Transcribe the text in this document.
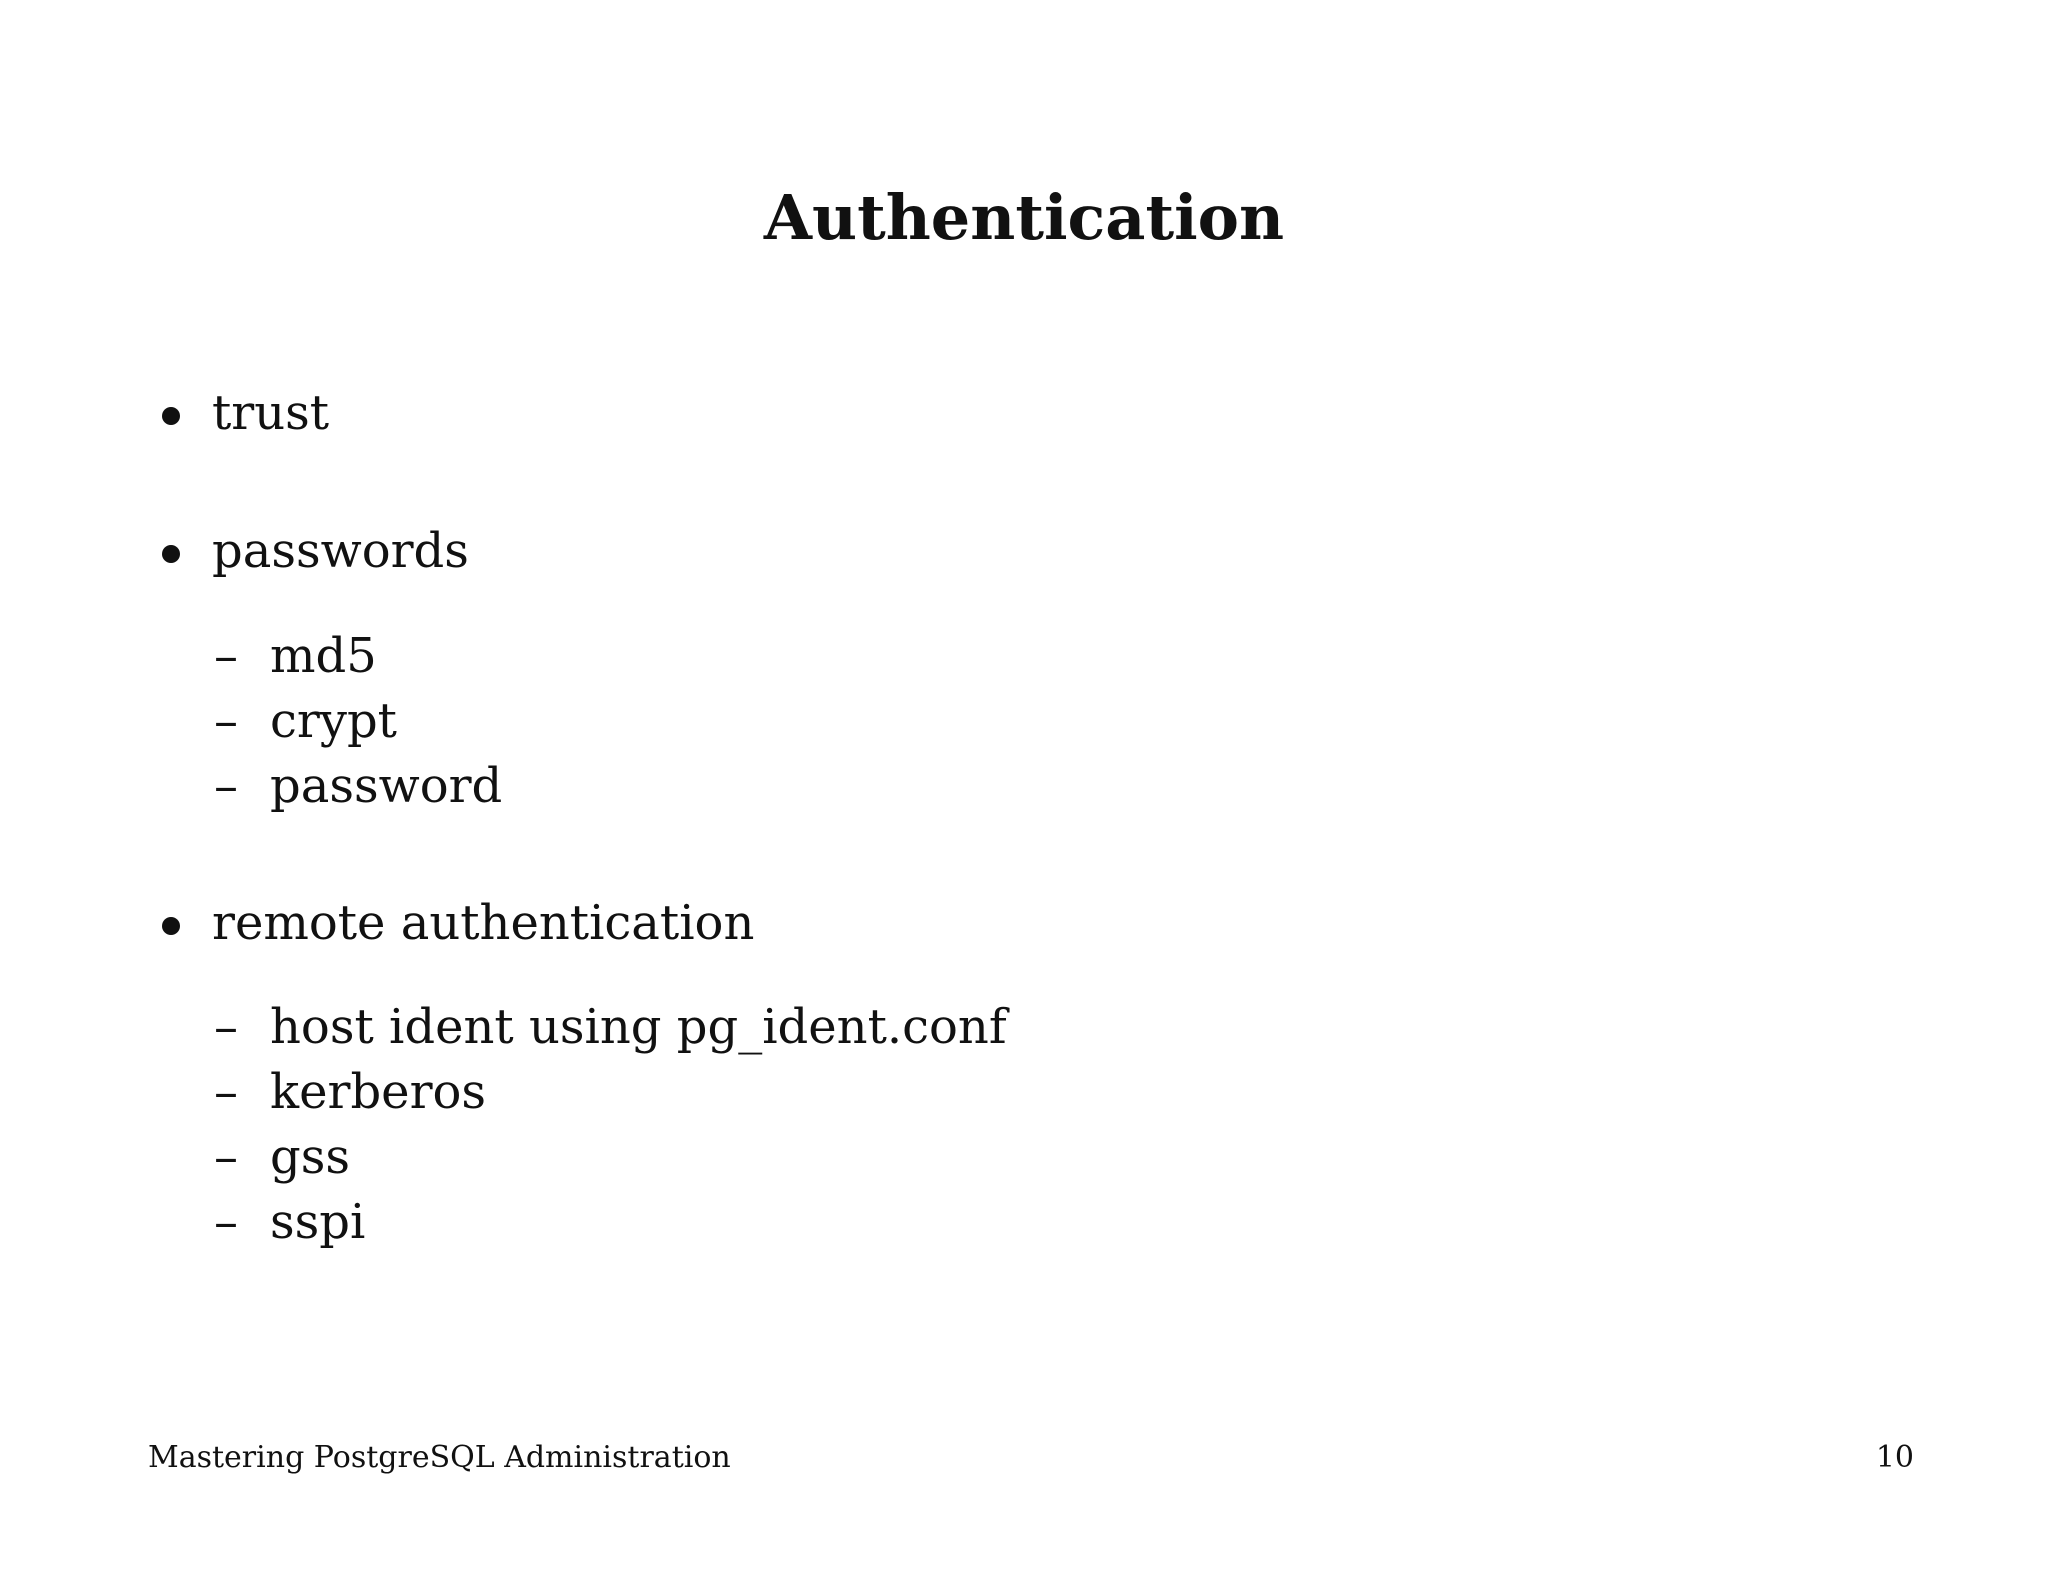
Authentication
trust
passwords
– md5
– crypt
– password
remote authentication
– host ident using pg_ident.conf
– kerberos
– gss
– sspi
Mastering PostgreSQL Administration	10
